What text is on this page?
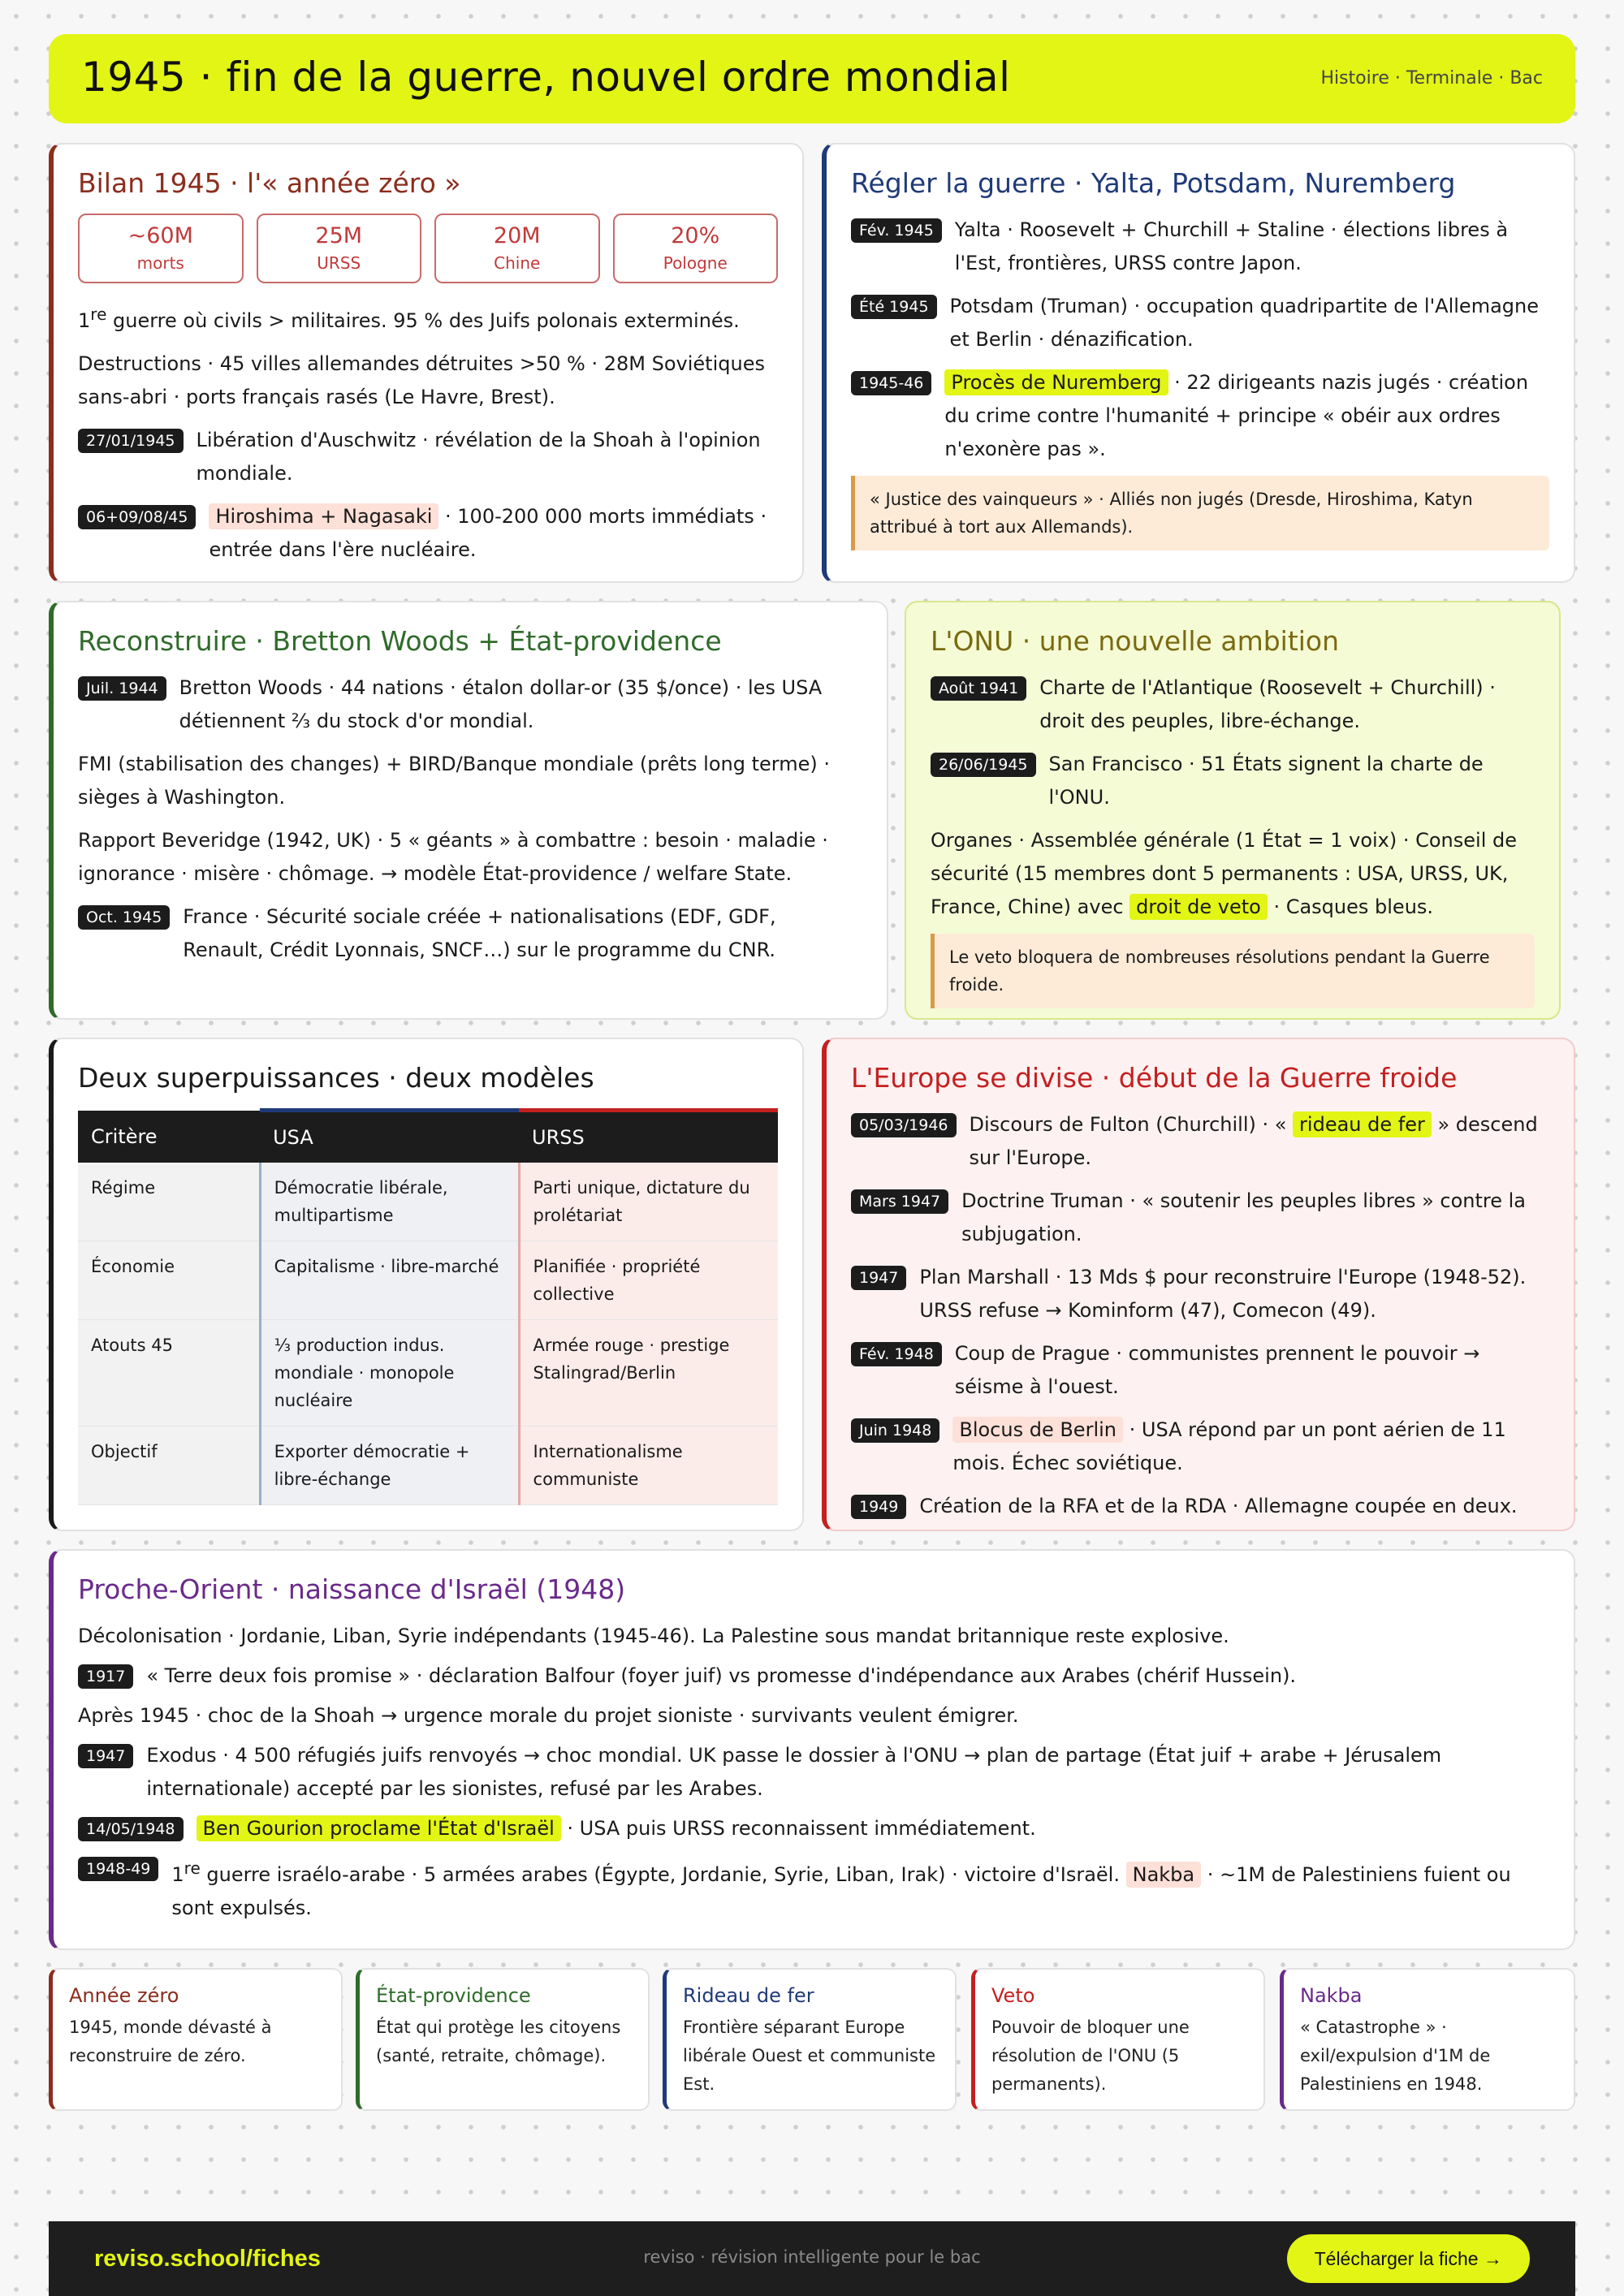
1945 · fin de la guerre, nouvel ordre mondial	Histoire · Terminale · Bac
Bilan 1945 · l'« année zéro »
~60M
morts
25M
URSS
20M
Chine
20%
Pologne

1re guerre où civils > militaires. 95 % des Juifs polonais exterminés.

Destructions · 45 villes allemandes détruites >50 % · 28M Soviétiques sans-abri · ports français rasés (Le Havre, Brest).

27/01/1945	Libération d'Auschwitz · révélation de la Shoah à l'opinion mondiale.
06+09/08/45	Hiroshima + Nagasaki · 100-200 000 morts immédiats · entrée dans l'ère nucléaire.
Régler la guerre · Yalta, Potsdam, Nuremberg
Fév. 1945	Yalta · Roosevelt + Churchill + Staline · élections libres à l'Est, frontières, URSS contre Japon.
Été 1945	Potsdam (Truman) · occupation quadripartite de l'Allemagne et Berlin · dénazification.
1945-46	Procès de Nuremberg · 22 dirigeants nazis jugés · création du crime contre l'humanité + principe « obéir aux ordres n'exonère pas ».
« Justice des vainqueurs » · Alliés non jugés (Dresde, Hiroshima, Katyn attribué à tort aux Allemands).
Reconstruire · Bretton Woods + État-providence
Juil. 1944	Bretton Woods · 44 nations · étalon dollar-or (35 $/once) · les USA détiennent ⅔ du stock d'or mondial.

FMI (stabilisation des changes) + BIRD/Banque mondiale (prêts long terme) · sièges à Washington.

Rapport Beveridge (1942, UK) · 5 « géants » à combattre : besoin · maladie · ignorance · misère · chômage. → modèle État-providence / welfare State.

Oct. 1945	France · Sécurité sociale créée + nationalisations (EDF, GDF, Renault, Crédit Lyonnais, SNCF…) sur le programme du CNR.
L'ONU · une nouvelle ambition
Août 1941	Charte de l'Atlantique (Roosevelt + Churchill) · droit des peuples, libre-échange.
26/06/1945	San Francisco · 51 États signent la charte de l'ONU.

Organes · Assemblée générale (1 État = 1 voix) · Conseil de sécurité (15 membres dont 5 permanents : USA, URSS, UK, France, Chine) avec droit de veto · Casques bleus.

Le veto bloquera de nombreuses résolutions pendant la Guerre froide.
Deux superpuissances · deux modèles
Critère	USA	URSS
Régime	Démocratie libérale, multipartisme	Parti unique, dictature du prolétariat
Économie	Capitalisme · libre-marché	Planifiée · propriété collective
Atouts 45	⅓ production indus. mondiale · monopole nucléaire	Armée rouge · prestige Stalingrad/Berlin
Objectif	Exporter démocratie + libre-échange	Internationalisme communiste
L'Europe se divise · début de la Guerre froide
05/03/1946	Discours de Fulton (Churchill) · « rideau de fer » descend sur l'Europe.
Mars 1947	Doctrine Truman · « soutenir les peuples libres » contre la subjugation.
1947	Plan Marshall · 13 Mds $ pour reconstruire l'Europe (1948-52). URSS refuse → Kominform (47), Comecon (49).
Fév. 1948	Coup de Prague · communistes prennent le pouvoir → séisme à l'ouest.
Juin 1948	Blocus de Berlin · USA répond par un pont aérien de 11 mois. Échec soviétique.
1949	Création de la RFA et de la RDA · Allemagne coupée en deux.
Proche-Orient · naissance d'Israël (1948)

Décolonisation · Jordanie, Liban, Syrie indépendants (1945-46). La Palestine sous mandat britannique reste explosive.

1917	« Terre deux fois promise » · déclaration Balfour (foyer juif) vs promesse d'indépendance aux Arabes (chérif Hussein).

Après 1945 · choc de la Shoah → urgence morale du projet sioniste · survivants veulent émigrer.

1947	Exodus · 4 500 réfugiés juifs renvoyés → choc mondial. UK passe le dossier à l'ONU → plan de partage (État juif + arabe + Jérusalem internationale) accepté par les sionistes, refusé par les Arabes.
14/05/1948	Ben Gourion proclame l'État d'Israël · USA puis URSS reconnaissent immédiatement.
1948-49	1re guerre israélo-arabe · 5 armées arabes (Égypte, Jordanie, Syrie, Liban, Irak) · victoire d'Israël. Nakba · ~1M de Palestiniens fuient ou sont expulsés.
Année zéro
1945, monde dévasté à reconstruire de zéro.
État-providence
État qui protège les citoyens (santé, retraite, chômage).
Rideau de fer
Frontière séparant Europe libérale Ouest et communiste Est.
Veto
Pouvoir de bloquer une résolution de l'ONU (5 permanents).
Nakba
« Catastrophe » · exil/expulsion d'1M de Palestiniens en 1948.
reviso.school/fiches	reviso · révision intelligente pour le bac	Télécharger la fiche →
